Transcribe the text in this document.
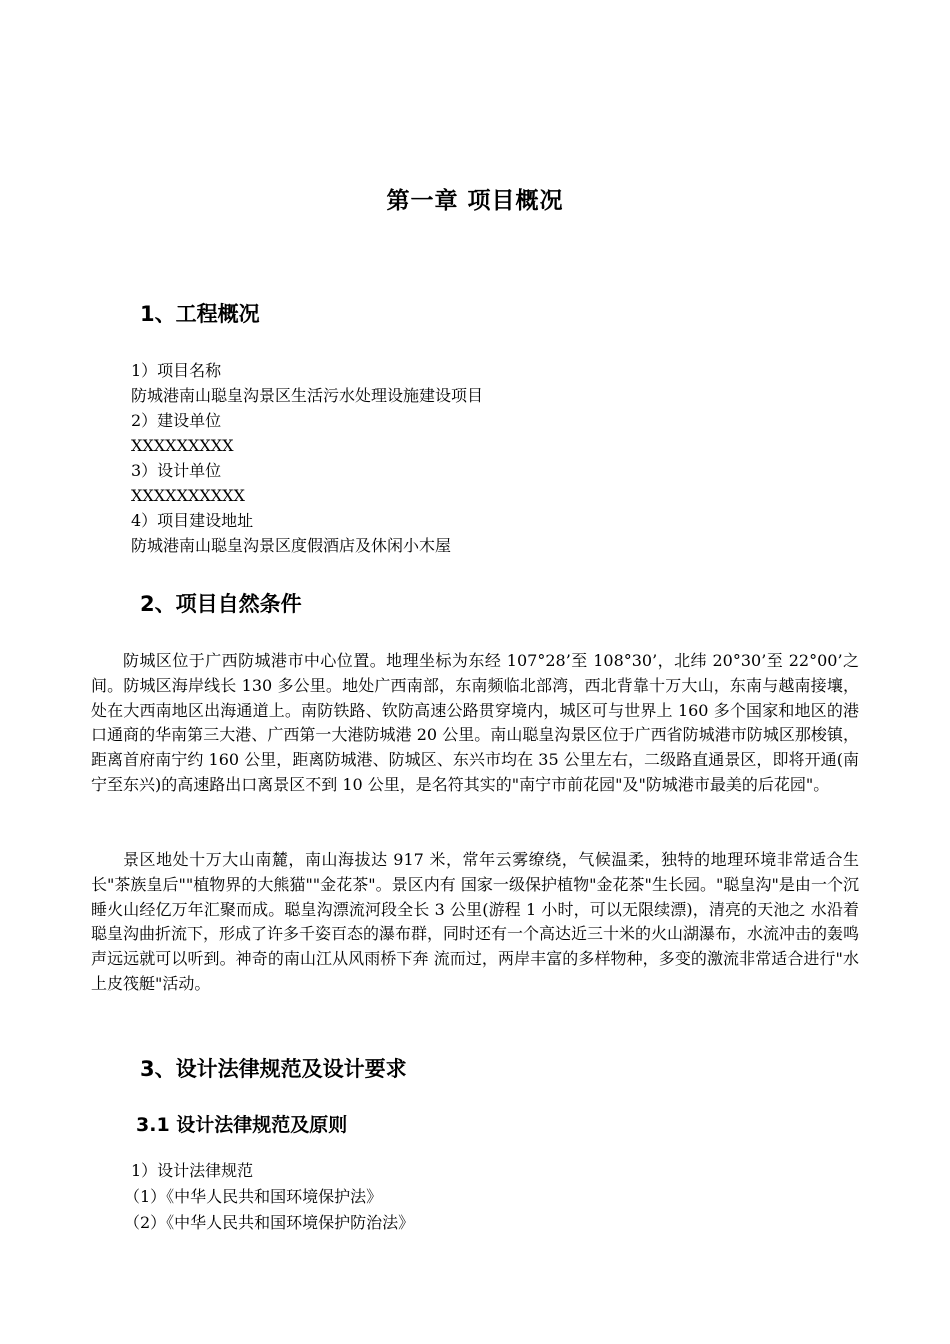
第一章 项目概况
1、工程概况
1）项目名称
防城港南山聪皇沟景区生活污水处理设施建设项目
2）建设单位
XXXXXXXXX
3）设计单位
XXXXXXXXXX
4）项目建设地址
防城港南山聪皇沟景区度假酒店及休闲小木屋
2、项目自然条件

防城区位于广西防城港市中心位置。地理坐标为东经 107°28’至 108°30’，北纬 20°30’至 22°00’之间。防城区海岸线长 130 多公里。地处广西南部，东南频临北部湾，西北背靠十万大山，东南与越南接壤，处在大西南地区出海通道上。南防铁路、钦防高速公路贯穿境内，城区可与世界上 160 多个国家和地区的港口通商的华南第三大港、广西第一大港防城港 20 公里。南山聪皇沟景区位于广西省防城港市防城区那梭镇，距离首府南宁约 160 公里，距离防城港、防城区、东兴市均在 35 公里左右，二级路直通景区，即将开通(南宁至东兴)的高速路出口离景区不到 10 公里，是名符其实的"南宁市前花园"及"防城港市最美的后花园"。

景区地处十万大山南麓，南山海拔达 917 米，常年云雾缭绕，气候温柔，独特的地理环境非常适合生长"茶族皇后""植物界的大熊猫""金花茶"。景区内有 国家一级保护植物"金花茶"生长园。"聪皇沟"是由一个沉睡火山经亿万年汇聚而成。聪皇沟漂流河段全长 3 公里(游程 1 小时，可以无限续漂)，清亮的天池之 水沿着聪皇沟曲折流下，形成了许多千姿百态的瀑布群，同时还有一个高达近三十米的火山湖瀑布，水流冲击的轰鸣声远远就可以听到。神奇的南山江从风雨桥下奔 流而过，两岸丰富的多样物种，多变的激流非常适合进行"水上皮筏艇"活动。

3、设计法律规范及设计要求
3.1 设计法律规范及原则
1）设计法律规范
（1）《中华人民共和国环境保护法》
（2）《中华人民共和国环境保护防治法》
